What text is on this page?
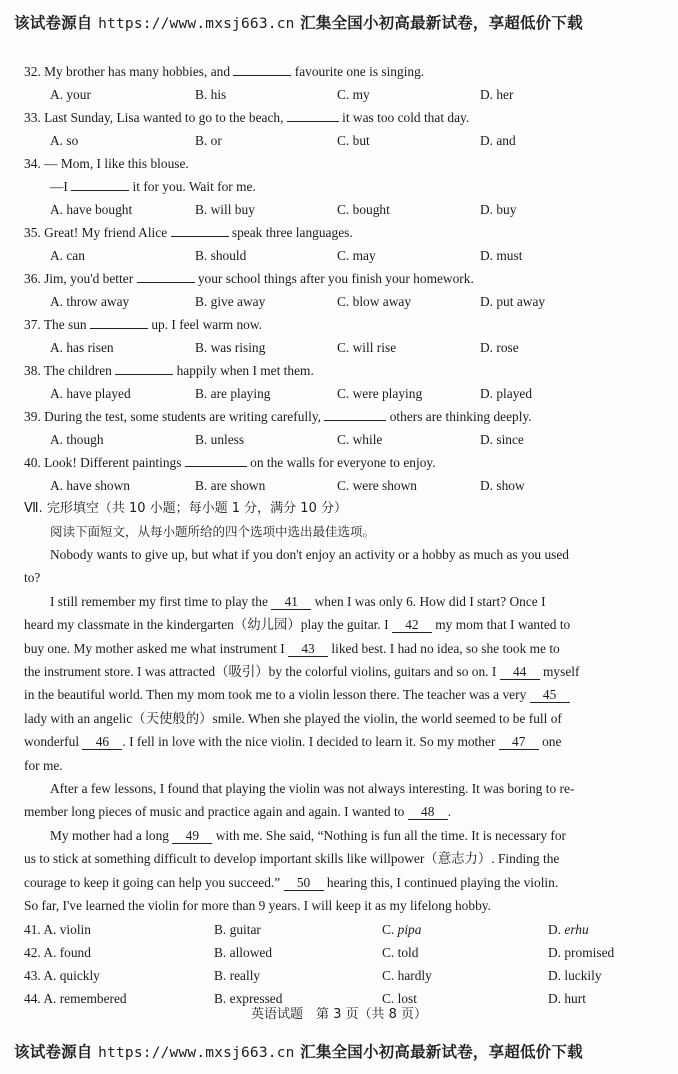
该试卷源自 https://www.mxsj663.cn 汇集全国小初高最新试卷，享超低价下载
32. My brother has many hobbies, and	favourite one is singing.
A. your	B. his	C. my	D. her
33. Last Sunday, Lisa wanted to go to the beach,	it was too cold that day.
A. so	B. or	C. but	D. and
34. — Mom, I like this blouse.
—I	it for you. Wait for me.
A. have bought	B. will buy	C. bought	D. buy
35. Great! My friend Alice	speak three languages.
A. can	B. should	C. may	D. must
36. Jim, you'd better	your school things after you finish your homework.
A. throw away	B. give away	C. blow away	D. put away
37. The sun	up. I feel warm now.
A. has risen	B. was rising	C. will rise	D. rose
38. The children	happily when I met them.
A. have played	B. are playing	C. were playing	D. played
39. During the test, some students are writing carefully,	others are thinking deeply.
A. though	B. unless	C. while	D. since
40. Look! Different paintings	on the walls for everyone to enjoy.
A. have shown	B. are shown	C. were shown	D. show
Ⅶ. 完形填空（共 10 小题；每小题 1 分，满分 10 分）
阅读下面短文，从每小题所给的四个选项中选出最佳选项。
Nobody wants to give up, but what if you don't enjoy an activity or a hobby as much as you used
to?
I still remember my first time to play the 41 when I was only 6. How did I start? Once I
heard my classmate in the kindergarten（幼儿园）play the guitar. I 42 my mom that I wanted to
buy one. My mother asked me what instrument I 43 liked best. I had no idea, so she took me to
the instrument store. I was attracted（吸引）by the colorful violins, guitars and so on. I 44 myself
in the beautiful world. Then my mom took me to a violin lesson there. The teacher was a very 45
lady with an angelic（天使般的）smile. When she played the violin, the world seemed to be full of
wonderful 46 . I fell in love with the nice violin. I decided to learn it. So my mother 47 one
for me.
After a few lessons, I found that playing the violin was not always interesting. It was boring to re-
member long pieces of music and practice again and again. I wanted to 48 .
My mother had a long 49 with me. She said, “Nothing is fun all the time. It is necessary for
us to stick at something difficult to develop important skills like willpower（意志力）. Finding the
courage to keep it going can help you succeed.” 50 hearing this, I continued playing the violin.
So far, I've learned the violin for more than 9 years. I will keep it as my lifelong hobby.
41. A. violin	B. guitar	C. pipa	D. erhu
42. A. found	B. allowed	C. told	D. promised
43. A. quickly	B. really	C. hardly	D. luckily
44. A. remembered	B. expressed	C. lost	D. hurt
英语试题　第 3 页（共 8 页）
该试卷源自 https://www.mxsj663.cn 汇集全国小初高最新试卷，享超低价下载
